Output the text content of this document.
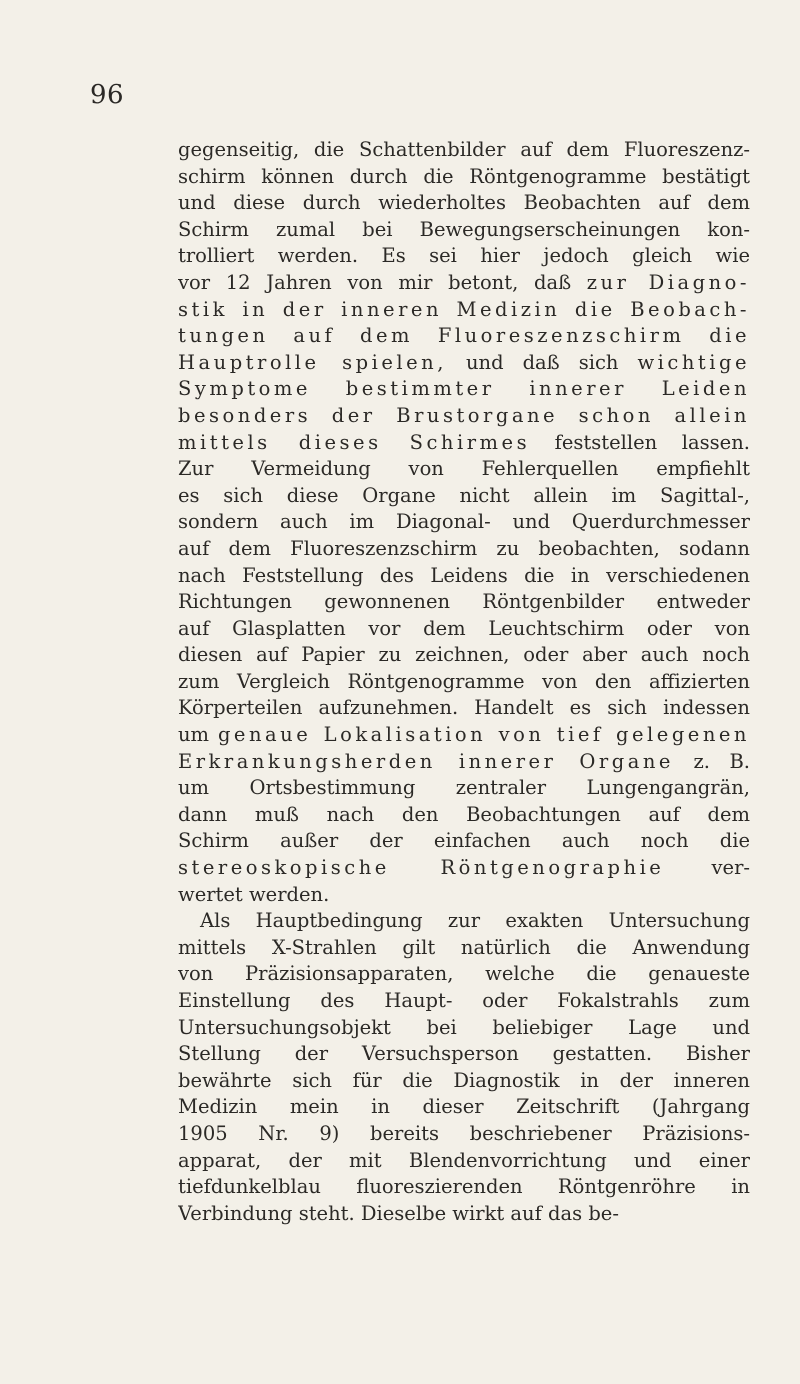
96
gegenseitig, die Schattenbilder auf dem Fluoreszenz-
schirm können durch die Röntgenogramme bestätigt
und diese durch wiederholtes Beobachten auf dem
Schirm zumal bei Bewegungserscheinungen kon-
trolliert werden. Es sei hier jedoch gleich wie
vor 12 Jahren von mir betont, daß zur Diagno-
stik in der inneren Medizin die Beobach-
tungen auf dem Fluoreszenzschirm die
Hauptrolle spielen, und daß sich wichtige
Symptome bestimmter innerer Leiden
besonders der Brustorgane schon allein
mittels dieses Schirmes feststellen lassen.
Zur Vermeidung von Fehlerquellen empfiehlt
es sich diese Organe nicht allein im Sagittal-,
sondern auch im Diagonal- und Querdurchmesser
auf dem Fluoreszenzschirm zu beobachten, sodann
nach Feststellung des Leidens die in verschiedenen
Richtungen gewonnenen Röntgenbilder entweder
auf Glasplatten vor dem Leuchtschirm oder von
diesen auf Papier zu zeichnen, oder aber auch noch
zum Vergleich Röntgenogramme von den affizierten
Körperteilen aufzunehmen. Handelt es sich indessen
um genaue Lokalisation von tief gelegenen
Erkrankungsherden innerer Organe z. B.
um Ortsbestimmung zentraler Lungengangrän,
dann muß nach den Beobachtungen auf dem
Schirm außer der einfachen auch noch die
stereoskopische Röntgenographie ver-
wertet werden.
Als Hauptbedingung zur exakten Untersuchung
mittels X-Strahlen gilt natürlich die Anwendung
von Präzisionsapparaten, welche die genaueste
Einstellung des Haupt- oder Fokalstrahls zum
Untersuchungsobjekt bei beliebiger Lage und
Stellung der Versuchsperson gestatten. Bisher
bewährte sich für die Diagnostik in der inneren
Medizin mein in dieser Zeitschrift (Jahrgang
1905 Nr. 9) bereits beschriebener Präzisions-
apparat, der mit Blendenvorrichtung und einer
tiefdunkelblau fluoreszierenden Röntgenröhre in
Verbindung steht. Dieselbe wirkt auf das be-
